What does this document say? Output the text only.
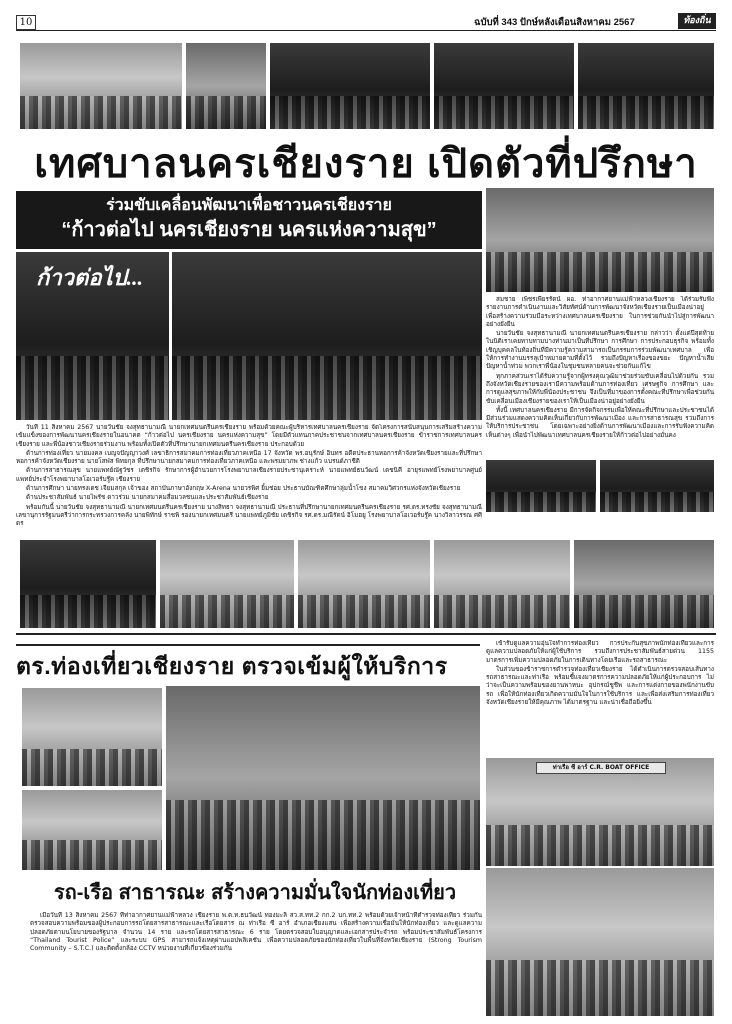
10	ฉบับที่ 343 ปักษ์หลังเดือนสิงหาคม 2567	ท้องถิ่น
เทศบาลนครเชียงราย เปิดตัวที่ปรึกษา
ร่วมขับเคลื่อนพัฒนาเพื่อชาวนครเชียงราย
“ก้าวต่อไป นครเชียงราย นครแห่งความสุข”
ก้าวต่อไป...

สมชาย เพ็ชรเพียรรัตน์ ผอ. ท่าอากาศยานแม่ฟ้าหลวงเชียงราย ได้ร่วมรับฟังรายงานการดำเนินงานและวิสัยทัศน์ด้านการพัฒนาจังหวัดเชียงรายเป็นเมืองน่าอยู่ เพื่อสร้างความร่วมมือระหว่างเทศบาลนครเชียงราย ในการช่วยกันนำไปสู่การพัฒนาอย่างยั่งยืน

นายวันชัย จงสุทธานามณี นายกเทศมนตรีนครเชียงราย กล่าวว่า ตั้งแต่ปีสุดท้ายในนิติเราเคยทาบทามบางท่านมาเป็นที่ปรึกษา การศึกษา การประกอบธุรกิจ พร้อมทั้งเชิญบุคคลในท้องถิ่นที่มีความรู้ความสามารถเป็นกรรมการร่วมพัฒนาเทศบาล เพื่อให้การทำงานบรรลุเป้าหมายตามที่ตั้งไว้ รวมถึงปัญหาเรื่องของขยะ ปัญหาน้ำเสีย ปัญหาน้ำท่วม พวกเราพี่น้องในชุมชนหลายคนจะช่วยกันแก้ไข

ทุกภาคส่วนเราได้รับความรู้จากผู้ทรงคุณวุฒิมาช่วยร่วมขับเคลื่อนไปด้วยกัน รวมถึงจังหวัดเชียงรายของเรามีความพร้อมด้านการท่องเที่ยว เศรษฐกิจ การศึกษา และการดูแลสุขภาพให้กับพี่น้องประชาชน จึงเป็นที่มาของการตั้งคณะที่ปรึกษาเพื่อช่วยกันขับเคลื่อนเมืองเชียงรายของเราให้เป็นเมืองน่าอยู่อย่างยั่งยืน

ทั้งนี้ เทศบาลนครเชียงราย มีการจัดกิจกรรมเพื่อให้คณะที่ปรึกษาและประชาชนได้มีส่วนร่วมแสดงความคิดเห็นเกี่ยวกับการพัฒนาเมือง และการสาธารณสุข รวมถึงการให้บริการประชาชน โดยเฉพาะอย่างยิ่งด้านการพัฒนาเมืองและการรับฟังความคิดเห็นต่างๆ เพื่อนำไปพัฒนาเทศบาลนครเชียงรายให้ก้าวต่อไปอย่างมั่นคง

วันที่ 11 สิงหาคม 2567 นายวันชัย จงสุทธานามณี นายกเทศมนตรีนครเชียงราย พร้อมด้วยคณะผู้บริหารเทศบาลนครเชียงราย จัดโครงการสนับสนุนการเสริมสร้างความเข้มแข็งของการพัฒนานครเชียงรายในอนาคต “ก้าวต่อไป นครเชียงราย นครแห่งความสุข” โดยมีตัวแทนภาคประชาชนจากเทศบาลนครเชียงราย ข้าราชการเทศบาลนครเชียงราย และพี่น้องชาวเชียงรายร่วมงาน พร้อมทั้งเปิดตัวที่ปรึกษานายกเทศมนตรีนครเชียงราย ประกอบด้วย

ด้านการท่องเที่ยว นายมงคล เบญจปัญญาวงศ์ เลขาธิการสมาคมการท่องเที่ยวภาคเหนือ 17 จังหวัด พร.อนุรักษ์ อินทร อดีตประธานหอการค้าจังหวัดเชียงรายและที่ปรึกษาหอการค้าจังหวัดเชียงราย นายโสฬส พิทยกุล ที่ปรึกษานายกสมาคมการท่องเที่ยวภาคเหนือ และพรมยาภพ ช่างแก้ว แบรนด์ภาชีติ

ด้านการสาธารณสุข นายแพทย์ณัฐวัชร เตชิรกิจ รักษาการผู้อำนวยการโรงพยาบาลเชียงรายประชานุเคราะห์ นายแพทย์ธนวัฒน์ เดชนิคี อายุรแพทย์โรงพยาบาลศูนย์ แพทย์ประจำโรงพยาบาลโอเวอร์บรู๊ค เชียงราย

ด้านการศึกษา นายทรงเดช เจียมสกุล เจ้าของ สถาบันภาษาอังกฤษ X-Arena นายวรพิศ ยิ้มช่อย ประธานบัณฑิตศึกษาลุ่มน้ำโขง สมาคมวิศวกรแห่งจังหวัดเชียงราย

ด้านประชาสัมพันธ์ นายไพรัช ดาวร่วม นายกสมาคมสื่อมวลชนและประชาสัมพันธ์เชียงราย

พร้อมกันนี้ นายวันชัย จงสุทธานามณี นายกเทศมนตรีนครเชียงราย นางสิทธา จงสุทธานามณี ประธานที่ปรึกษานายกเทศมนตรีนครเชียงราย รศ.ดร.ทรงชัย จงสุทธานามณี เลขานุการรัฐมนตรีว่าการกระทรวงการคลัง นายพิทักษ์ ราชพิ รองนายกเทศมนตรี นายแพทย์ภูมิชัย เตชิรกิจ รศ.ดร.มณีรัตน์ อิโมฮยู โรงพยาบาลโอเวอร์บรู๊ค นางวิลาวรรณ ศศิ ดร

ตร.ท่องเที่ยวเชียงราย ตรวจเข้มผู้ให้บริการ

เข้ารับดูแลความอุ่นใจทำการท่องเที่ยว การประกันสุขภาพนักท่องเที่ยวและการดูแลความปลอดภัยให้แก่ผู้ใช้บริการ รวมถึงการประชาสัมพันธ์สายด่วน 1155 มาตรการเพิ่มความปลอดภัยในการเดินทางโดยเรือและรถสาธารณะ

ในส่วนของข้าราชการตำรวจท่องเที่ยวเชียงราย ได้ดำเนินการตรวจสอบเส้นทางรถสาธารณะและท่าเรือ พร้อมชี้แจงมาตรการความปลอดภัยให้แก่ผู้ประกอบการ ไม่ว่าจะเป็นความพร้อมของยานพาหนะ อุปกรณ์ชูชีพ และการแต่งกายของพนักงานขับรถ เพื่อให้นักท่องเที่ยวเกิดความมั่นใจในการใช้บริการ และเพื่อส่งเสริมการท่องเที่ยวจังหวัดเชียงรายให้มีคุณภาพ ได้มาตรฐาน และน่าเชื่อถือยิ่งขึ้น

ท่าเรือ ซี อาร์ C.R. BOAT OFFICE
รถ-เรือ สาธารณะ สร้างความมั่นใจนักท่องเที่ยว

เมื่อวันที่ 13 สิงหาคม 2567 ที่ท่าอากาศยานแม่ฟ้าหลวง เชียงราย พ.ต.ท.ธนวัฒน์ ทองมะลิ สว.ส.ทท.2 กก.2 บก.ทท.2 พร้อมด้วยเจ้าหน้าที่ตำรวจท่องเที่ยว ร่วมกันตรวจสอบความพร้อมของผู้ประกอบการรถโดยสารสาธารณะและเรือโดยสาร ณ ท่าเรือ ซี อาร์ อำเภอเชียงแสน เพื่อสร้างความเชื่อมั่นให้นักท่องเที่ยว และดูแลความปลอดภัยตามนโยบายของรัฐบาล จำนวน 14 ราย และรถโดยสารสาธารณะ 6 ราย โดยตรวจสอบใบอนุญาตและเอกสารประจำรถ พร้อมประชาสัมพันธ์โครงการ “Thailand Tourist Police” และระบบ GPS สามารถแจ้งเหตุผ่านแอปพลิเคชัน เพื่อความปลอดภัยของนักท่องเที่ยวในพื้นที่จังหวัดเชียงราย (Strong Tourism Community – S.T.C.) และติดตั้งกล้อง CCTV หน่วยงานที่เกี่ยวข้องร่วมกัน
